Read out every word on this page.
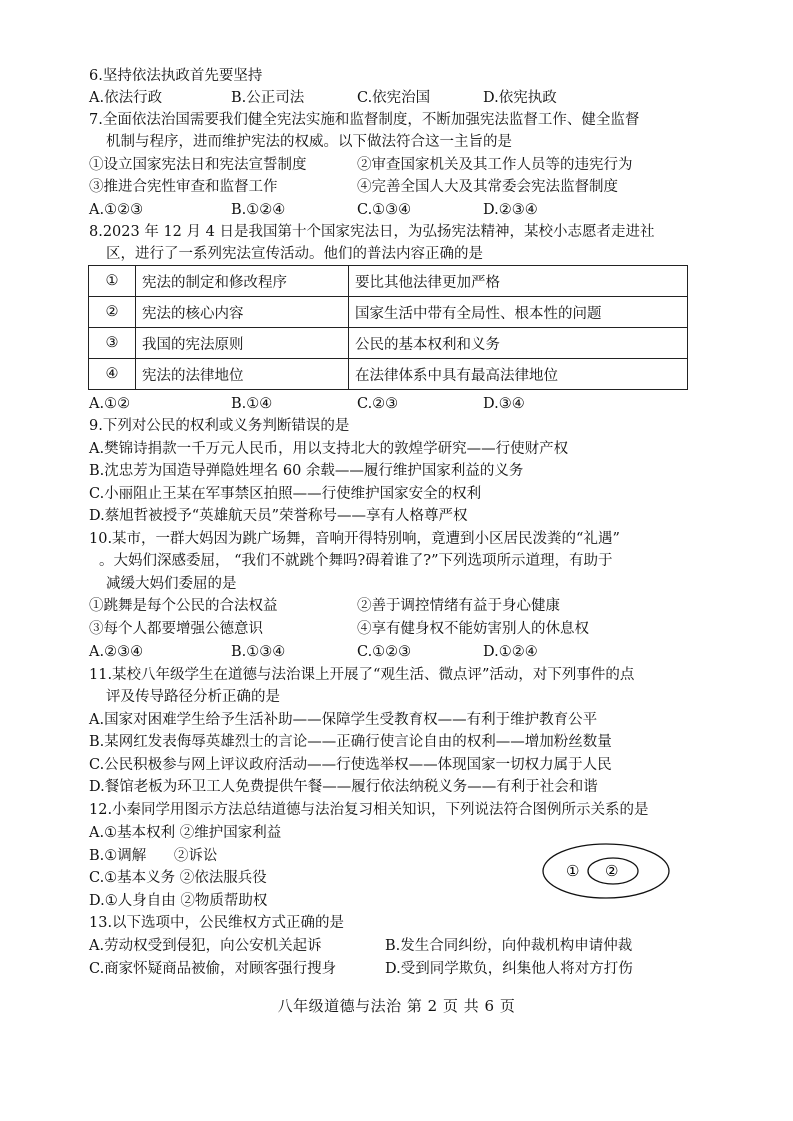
6.坚持依法执政首先要坚持
A.依法行政	B.公正司法	C.依宪治国	D.依宪执政
7.全面依法治国需要我们健全宪法实施和监督制度，不断加强宪法监督工作、健全监督
机制与程序，进而维护宪法的权威。以下做法符合这一主旨的是
①设立国家宪法日和宪法宣誓制度	②审查国家机关及其工作人员等的违宪行为
③推进合宪性审查和监督工作	④完善全国人大及其常委会宪法监督制度
A.①②③	B.①②④	C.①③④	D.②③④
8.2023 年 12 月 4 日是我国第十个国家宪法日，为弘扬宪法精神，某校小志愿者走进社
区，进行了一系列宪法宣传活动。他们的普法内容正确的是
①	宪法的制定和修改程序	要比其他法律更加严格
②	宪法的核心内容	国家生活中带有全局性、根本性的问题
③	我国的宪法原则	公民的基本权利和义务
④	宪法的法律地位	在法律体系中具有最高法律地位
A.①②	B.①④	C.②③	D.③④
9.下列对公民的权利或义务判断错误的是
A.樊锦诗捐款一千万元人民币，用以支持北大的敦煌学研究——行使财产权
B.沈忠芳为国造导弹隐姓埋名 60 余载——履行维护国家利益的义务
C.小丽阻止王某在军事禁区拍照——行使维护国家安全的权利
D.蔡旭哲被授予“英雄航天员”荣誉称号——享有人格尊严权
10.某市，一群大妈因为跳广场舞，音响开得特别响，竟遭到小区居民泼粪的“礼遇”
。大妈们深感委屈， “我们不就跳个舞吗?碍着谁了?”下列选项所示道理，有助于
减缓大妈们委屈的是
①跳舞是每个公民的合法权益	②善于调控情绪有益于身心健康
③每个人都要增强公德意识	④享有健身权不能妨害别人的休息权
A.②③④	B.①③④	C.①②③	D.①②④
11.某校八年级学生在道德与法治课上开展了“观生活、微点评”活动，对下列事件的点
评及传导路径分析正确的是
A.国家对困难学生给予生活补助——保障学生受教育权——有利于维护教育公平
B.某网红发表侮辱英雄烈士的言论——正确行使言论自由的权利——增加粉丝数量
C.公民积极参与网上评议政府活动——行使选举权——体现国家一切权力属于人民
D.餐馆老板为环卫工人免费提供午餐——履行依法纳税义务——有利于社会和谐
12.小秦同学用图示方法总结道德与法治复习相关知识，下列说法符合图例所示关系的是
A.①基本权利 ②维护国家利益
B.①调解      ②诉讼
C.①基本义务 ②依法服兵役
D.①人身自由 ②物质帮助权
① ②
13.以下选项中，公民维权方式正确的是
A.劳动权受到侵犯，向公安机关起诉	B.发生合同纠纷，向仲裁机构申请仲裁
C.商家怀疑商品被偷，对顾客强行搜身	D.受到同学欺负，纠集他人将对方打伤
八年级道德与法治 第 2 页 共 6 页
